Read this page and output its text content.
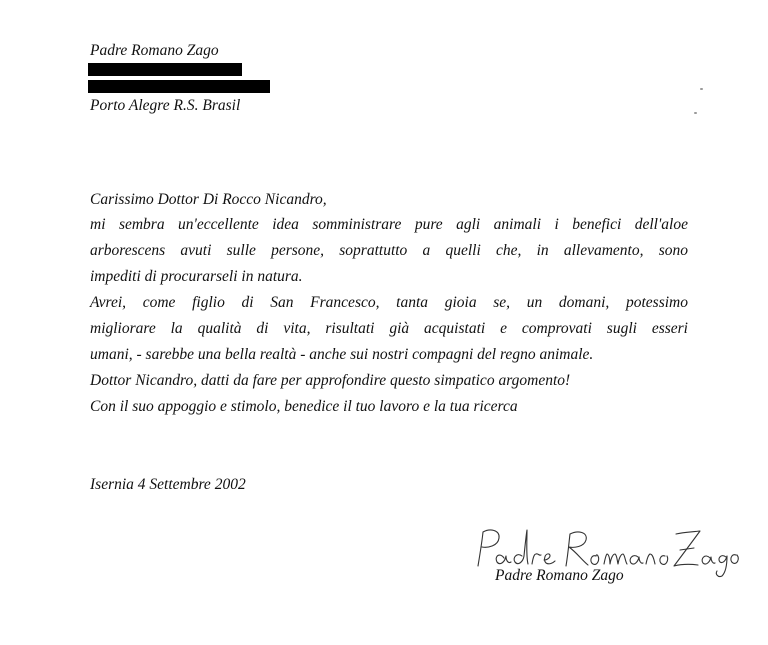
Padre Romano Zago
Porto Alegre R.S. Brasil
Carissimo Dottor Di Rocco Nicandro,
mi sembra un'eccellente idea somministrare pure agli animali i benefici dell'aloe
arborescens avuti sulle persone, soprattutto a quelli che, in allevamento, sono
impediti di procurarseli in natura.
Avrei, come figlio di San Francesco, tanta gioia se, un domani, potessimo
migliorare la qualità di vita, risultati già acquistati e comprovati sugli esseri
umani, - sarebbe una bella realtà - anche sui nostri compagni del regno animale.
Dottor Nicandro, datti da fare per approfondire questo simpatico argomento!
Con il suo appoggio e stimolo, benedice il tuo lavoro e la tua ricerca
Isernia 4 Settembre 2002
Padre Romano Zago
